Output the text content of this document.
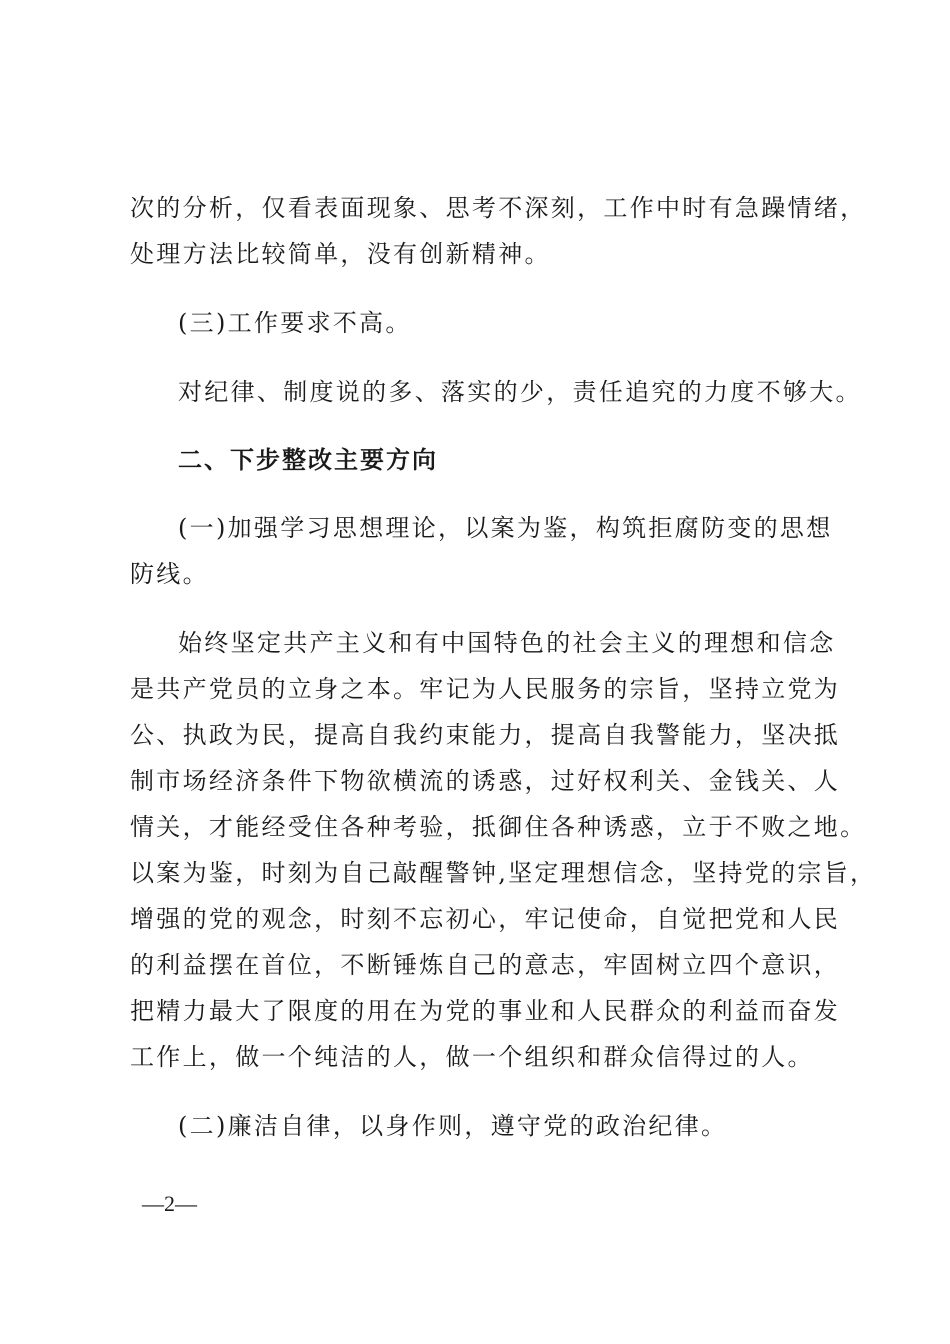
次的分析，仅看表面现象、思考不深刻，工作中时有急躁情绪，
处理方法比较简单，没有创新精神。
(三)工作要求不高。
对纪律、制度说的多、落实的少，责任追究的力度不够大。
二、下步整改主要方向
(一)加强学习思想理论，以案为鉴，构筑拒腐防变的思想
防线。
始终坚定共产主义和有中国特色的社会主义的理想和信念
是共产党员的立身之本。牢记为人民服务的宗旨，坚持立党为
公、执政为民，提高自我约束能力，提高自我警能力，坚决抵
制市场经济条件下物欲横流的诱惑，过好权利关、金钱关、人
情关，才能经受住各种考验，抵御住各种诱惑，立于不败之地。
以案为鉴，时刻为自己敲醒警钟,坚定理想信念，坚持党的宗旨，
增强的党的观念，时刻不忘初心，牢记使命，自觉把党和人民
的利益摆在首位，不断锤炼自己的意志，牢固树立四个意识，
把精力最大了限度的用在为党的事业和人民群众的利益而奋发
工作上，做一个纯洁的人，做一个组织和群众信得过的人。
(二)廉洁自律，以身作则，遵守党的政治纪律。
—2—
